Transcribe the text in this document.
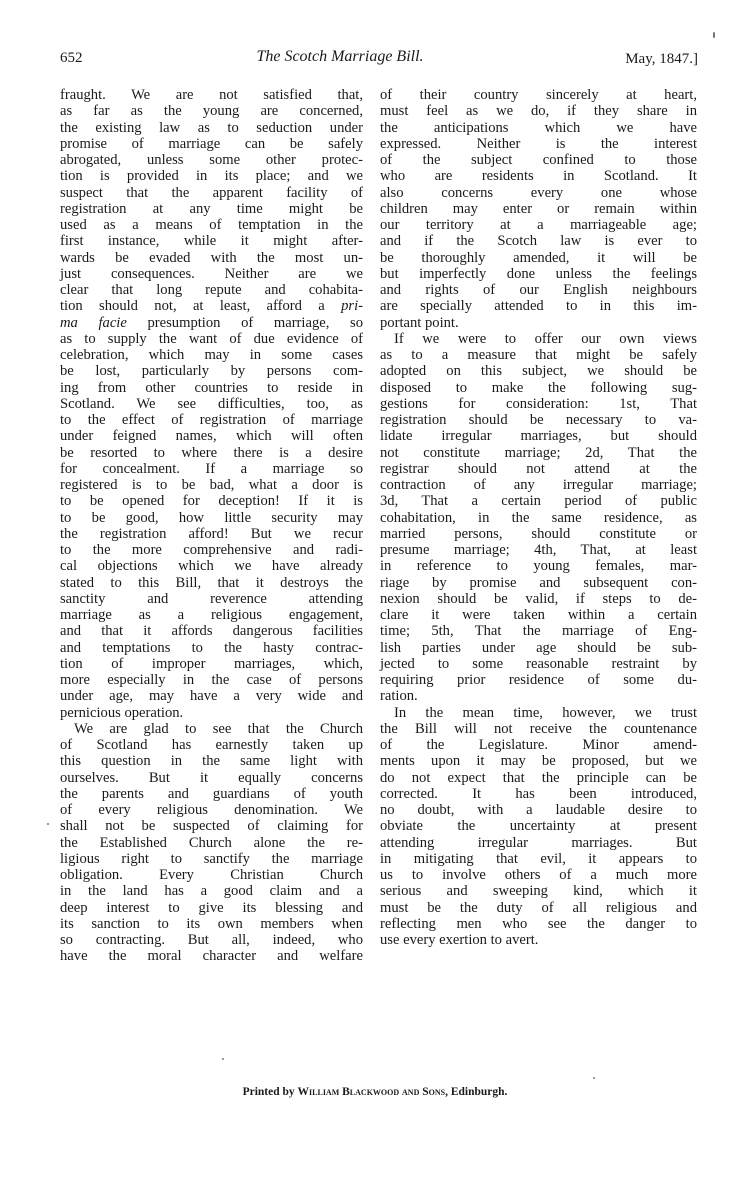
652	The Scotch Marriage Bill.	May, 1847.]
fraught. We are not satisfied that,
as far as the young are concerned,
the existing law as to seduction under
promise of marriage can be safely
abrogated, unless some other protec-
tion is provided in its place; and we
suspect that the apparent facility of
registration at any time might be
used as a means of temptation in the
first instance, while it might after-
wards be evaded with the most un-
just consequences. Neither are we
clear that long repute and cohabita-
tion should not, at least, afford a pri-
ma facie presumption of marriage, so
as to supply the want of due evidence of
celebration, which may in some cases
be lost, particularly by persons com-
ing from other countries to reside in
Scotland. We see difficulties, too, as
to the effect of registration of marriage
under feigned names, which will often
be resorted to where there is a desire
for concealment. If a marriage so
registered is to be bad, what a door is
to be opened for deception! If it is
to be good, how little security may
the registration afford! But we recur
to the more comprehensive and radi-
cal objections which we have already
stated to this Bill, that it destroys the
sanctity and reverence attending
marriage as a religious engagement,
and that it affords dangerous facilities
and temptations to the hasty contrac-
tion of improper marriages, which,
more especially in the case of persons
under age, may have a very wide and
pernicious operation.
We are glad to see that the Church
of Scotland has earnestly taken up
this question in the same light with
ourselves. But it equally concerns
the parents and guardians of youth
of every religious denomination. We
shall not be suspected of claiming for
the Established Church alone the re-
ligious right to sanctify the marriage
obligation. Every Christian Church
in the land has a good claim and a
deep interest to give its blessing and
its sanction to its own members when
so contracting. But all, indeed, who
have the moral character and welfare
of their country sincerely at heart,
must feel as we do, if they share in
the anticipations which we have
expressed. Neither is the interest
of the subject confined to those
who are residents in Scotland. It
also concerns every one whose
children may enter or remain within
our territory at a marriageable age;
and if the Scotch law is ever to
be thoroughly amended, it will be
but imperfectly done unless the feelings
and rights of our English neighbours
are specially attended to in this im-
portant point.
If we were to offer our own views
as to a measure that might be safely
adopted on this subject, we should be
disposed to make the following sug-
gestions for consideration: 1st, That
registration should be necessary to va-
lidate irregular marriages, but should
not constitute marriage; 2d, That the
registrar should not attend at the
contraction of any irregular marriage;
3d, That a certain period of public
cohabitation, in the same residence, as
married persons, should constitute or
presume marriage; 4th, That, at least
in reference to young females, mar-
riage by promise and subsequent con-
nexion should be valid, if steps to de-
clare it were taken within a certain
time; 5th, That the marriage of Eng-
lish parties under age should be sub-
jected to some reasonable restraint by
requiring prior residence of some du-
ration.
In the mean time, however, we trust
the Bill will not receive the countenance
of the Legislature. Minor amend-
ments upon it may be proposed, but we
do not expect that the principle can be
corrected. It has been introduced,
no doubt, with a laudable desire to
obviate the uncertainty at present
attending irregular marriages. But
in mitigating that evil, it appears to
us to involve others of a much more
serious and sweeping kind, which it
must be the duty of all religious and
reflecting men who see the danger to
use every exertion to avert.
Printed by William Blackwood and Sons, Edinburgh.
